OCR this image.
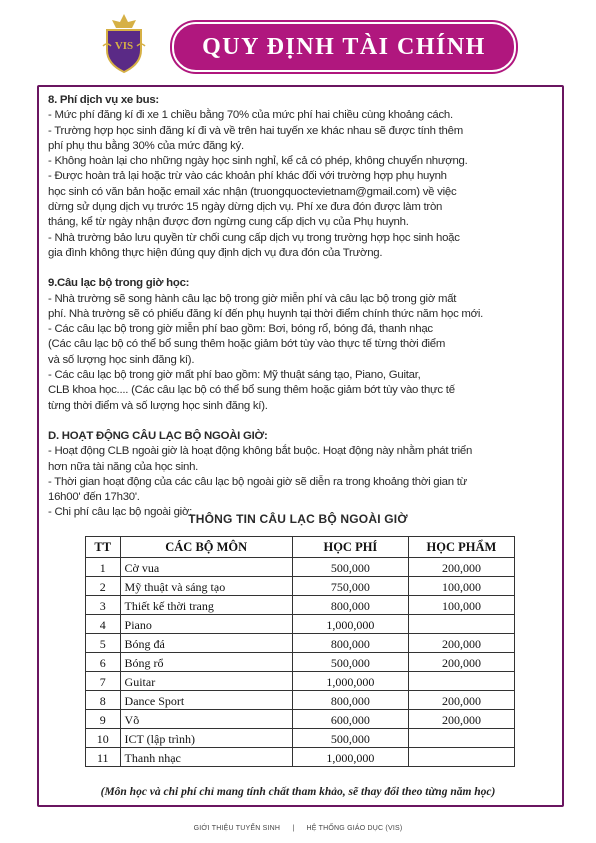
VIS	QUY ĐỊNH TÀI CHÍNH

8. Phí dịch vụ xe bus:

- Mức phí đăng kí đi xe 1 chiều bằng 70% của mức phí hai chiều cùng khoảng cách.

- Trường hợp học sinh đăng kí đi và về trên hai tuyến xe khác nhau sẽ được tính thêm

phí phụ thu bằng 30% của mức đăng ký.

- Không hoàn lại cho những ngày học sinh nghỉ, kể cả có phép, không chuyển nhượng.

- Được hoàn trả lại hoặc trừ vào các khoản phí khác đối với trường hợp phụ huynh

học sinh có văn bản hoặc email xác nhận (truongquoctevietnam@gmail.com) về việc

dừng sử dụng dịch vụ trước 15 ngày dừng dịch vụ. Phí xe đưa đón được làm tròn

tháng, kể từ ngày nhận được đơn ngừng cung cấp dịch vụ của Phụ huynh.

- Nhà trường bảo lưu quyền từ chối cung cấp dịch vụ trong trường hợp học sinh hoặc

gia đình không thực hiện đúng quy định dịch vụ đưa đón của Trường.

9.Câu lạc bộ trong giờ học:

- Nhà trường sẽ song hành câu lạc bộ trong giờ miễn phí và câu lạc bộ trong giờ mất

phí. Nhà trường sẽ có phiếu đăng kí đến phụ huynh tại thời điểm chính thức năm học mới.

- Các câu lạc bộ trong giờ miễn phí bao gồm: Bơi, bóng rổ, bóng đá, thanh nhạc

(Các câu lạc bộ có thể bổ sung thêm hoặc giảm bớt tùy vào thực tế từng thời điểm

và số lượng học sinh đăng kí).

- Các câu lạc bộ trong giờ mất phí bao gồm: Mỹ thuật sáng tạo, Piano, Guitar,

CLB khoa học.... (Các câu lạc bộ có thể bổ sung thêm hoặc giảm bớt tùy vào thực tế

từng thời điểm và số lượng học sinh đăng kí).

D. HOẠT ĐỘNG CÂU LẠC BỘ NGOÀI GIỜ:

- Hoạt động CLB ngoài giờ là hoạt động không bắt buộc. Hoạt động này nhằm phát triển

hơn nữa tài năng của học sinh.

- Thời gian hoạt động của các câu lạc bộ ngoài giờ sẽ diễn ra trong khoảng thời gian từ

16h00' đến 17h30'.

- Chi phí câu lạc bộ ngoài giờ:

THÔNG TIN CÂU LẠC BỘ NGOÀI GIỜ
TT	CÁC BỘ MÔN	HỌC PHÍ	HỌC PHẨM
1	Cờ vua	500,000	200,000
2	Mỹ thuật và sáng tạo	750,000	100,000
3	Thiết kế thời trang	800,000	100,000
4	Piano	1,000,000	
5	Bóng đá	800,000	200,000
6	Bóng rổ	500,000	200,000
7	Guitar	1,000,000	
8	Dance Sport	800,000	200,000
9	Võ	600,000	200,000
10	ICT (lập trình)	500,000	
11	Thanh nhạc	1,000,000	
(Môn học và chi phí chỉ mang tính chất tham khảo, sẽ thay đổi theo từng năm học)
GIỚI THIỆU TUYỂN SINH | HỆ THỐNG GIÁO DỤC (VIS)
